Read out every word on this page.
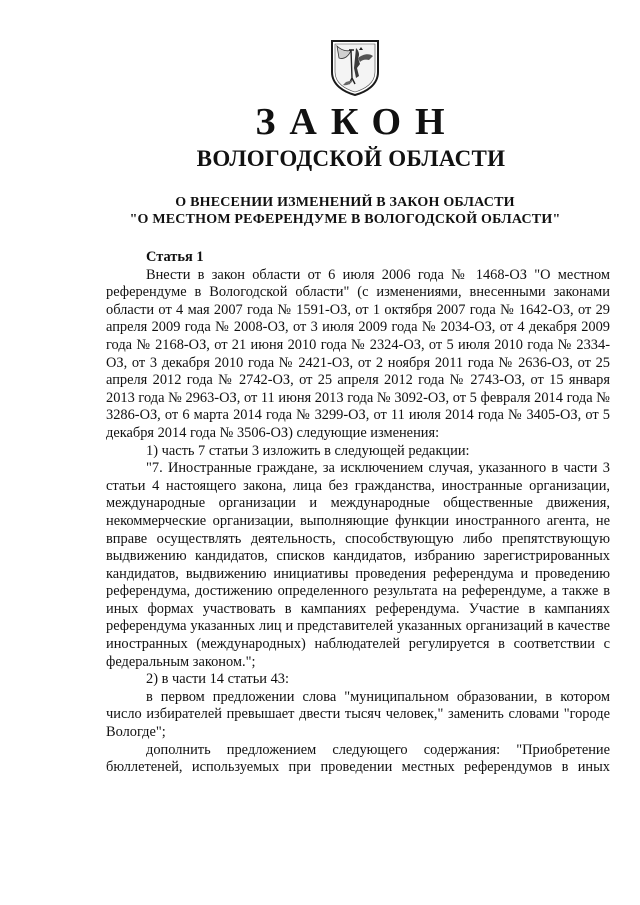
ЗАКОН
ВОЛОГОДСКОЙ ОБЛАСТИ
О ВНЕСЕНИИ ИЗМЕНЕНИЙ В ЗАКОН ОБЛАСТИ
"О МЕСТНОМ РЕФЕРЕНДУМЕ В ВОЛОГОДСКОЙ ОБЛАСТИ"

Статья 1

Внести в закон области от 6 июля 2006 года № 1468-ОЗ "О местном референдуме в Вологодской области" (с изменениями, внесенными законами области от 4 мая 2007 года № 1591-ОЗ, от 1 октября 2007 года № 1642-ОЗ, от 29 апреля 2009 года № 2008-ОЗ, от 3 июля 2009 года № 2034-ОЗ, от 4 декабря 2009 года № 2168-ОЗ, от 21 июня 2010 года № 2324-ОЗ, от 5 июля 2010 года № 2334-ОЗ, от 3 декабря 2010 года № 2421-ОЗ, от 2 ноября 2011 года № 2636-ОЗ, от 25 апреля 2012 года № 2742-ОЗ, от 25 апреля 2012 года № 2743-ОЗ, от 15 января 2013 года № 2963-ОЗ, от 11 июня 2013 года № 3092-ОЗ, от 5 февраля 2014 года № 3286-ОЗ, от 6 марта 2014 года № 3299-ОЗ, от 11 июля 2014 года № 3405-ОЗ, от 5 декабря 2014 года № 3506-ОЗ) следующие изменения:

1) часть 7 статьи 3 изложить в следующей редакции:

"7. Иностранные граждане, за исключением случая, указанного в части 3 статьи 4 настоящего закона, лица без гражданства, иностранные организации, международные организации и международные общественные движения, некоммерческие организации, выполняющие функции иностранного агента, не вправе осуществлять деятельность, способствующую либо препятствующую выдвижению кандидатов, списков кандидатов, избранию зарегистрированных кандидатов, выдвижению инициативы проведения референдума и проведению референдума, достижению определенного результата на референдуме, а также в иных формах участвовать в кампаниях референдума. Участие в кампаниях референдума указанных лиц и представителей указанных организаций в качестве иностранных (международных) наблюдателей регулируется в соответствии с федеральным законом.";

2) в части 14 статьи 43:

в первом предложении слова "муниципальном образовании, в котором число избирателей превышает двести тысяч человек," заменить словами "городе Вологде";

дополнить предложением следующего содержания: "Приобретение бюллетеней, используемых при проведении местных референдумов в иных
